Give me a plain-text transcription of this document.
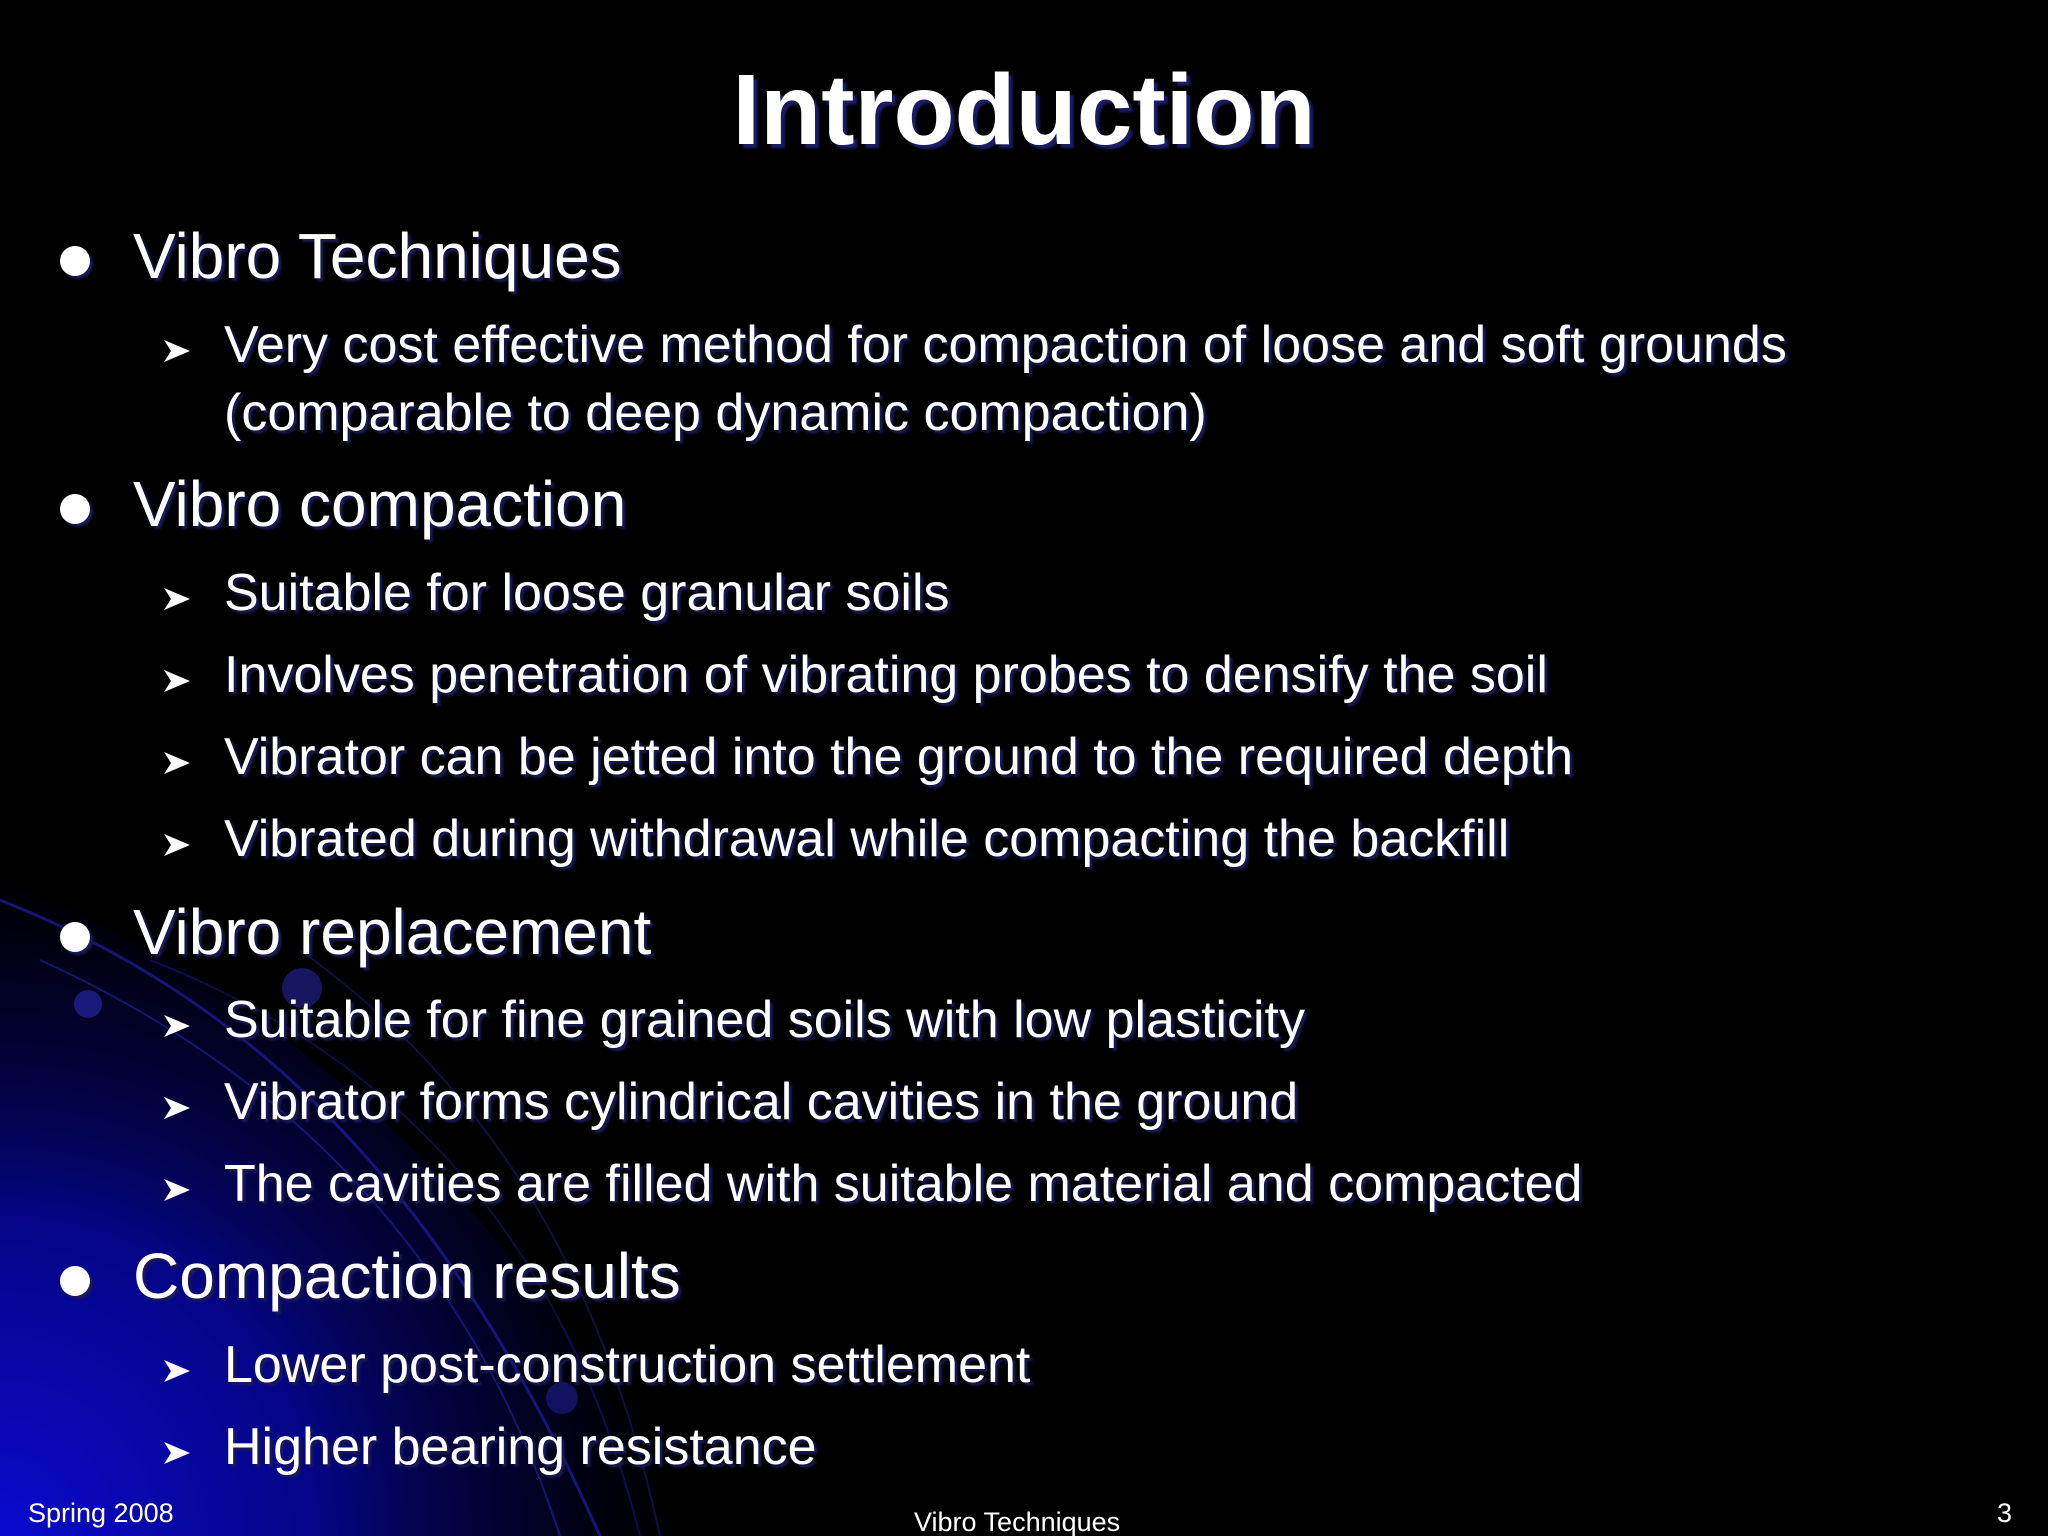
Introduction
Vibro Techniques
Very cost effective method for compaction of loose and soft grounds (comparable to deep dynamic compaction)
Vibro compaction
Suitable for loose granular soils
Involves penetration of vibrating probes to densify the soil
Vibrator can be jetted into the ground to the required depth
Vibrated during withdrawal while compacting the backfill
Vibro replacement
Suitable for fine grained soils with low plasticity
Vibrator forms cylindrical cavities in the ground
The cavities are filled with suitable material and compacted
Compaction results
Lower post-construction settlement
Higher bearing resistance
Spring 2008	Vibro Techniques	3
